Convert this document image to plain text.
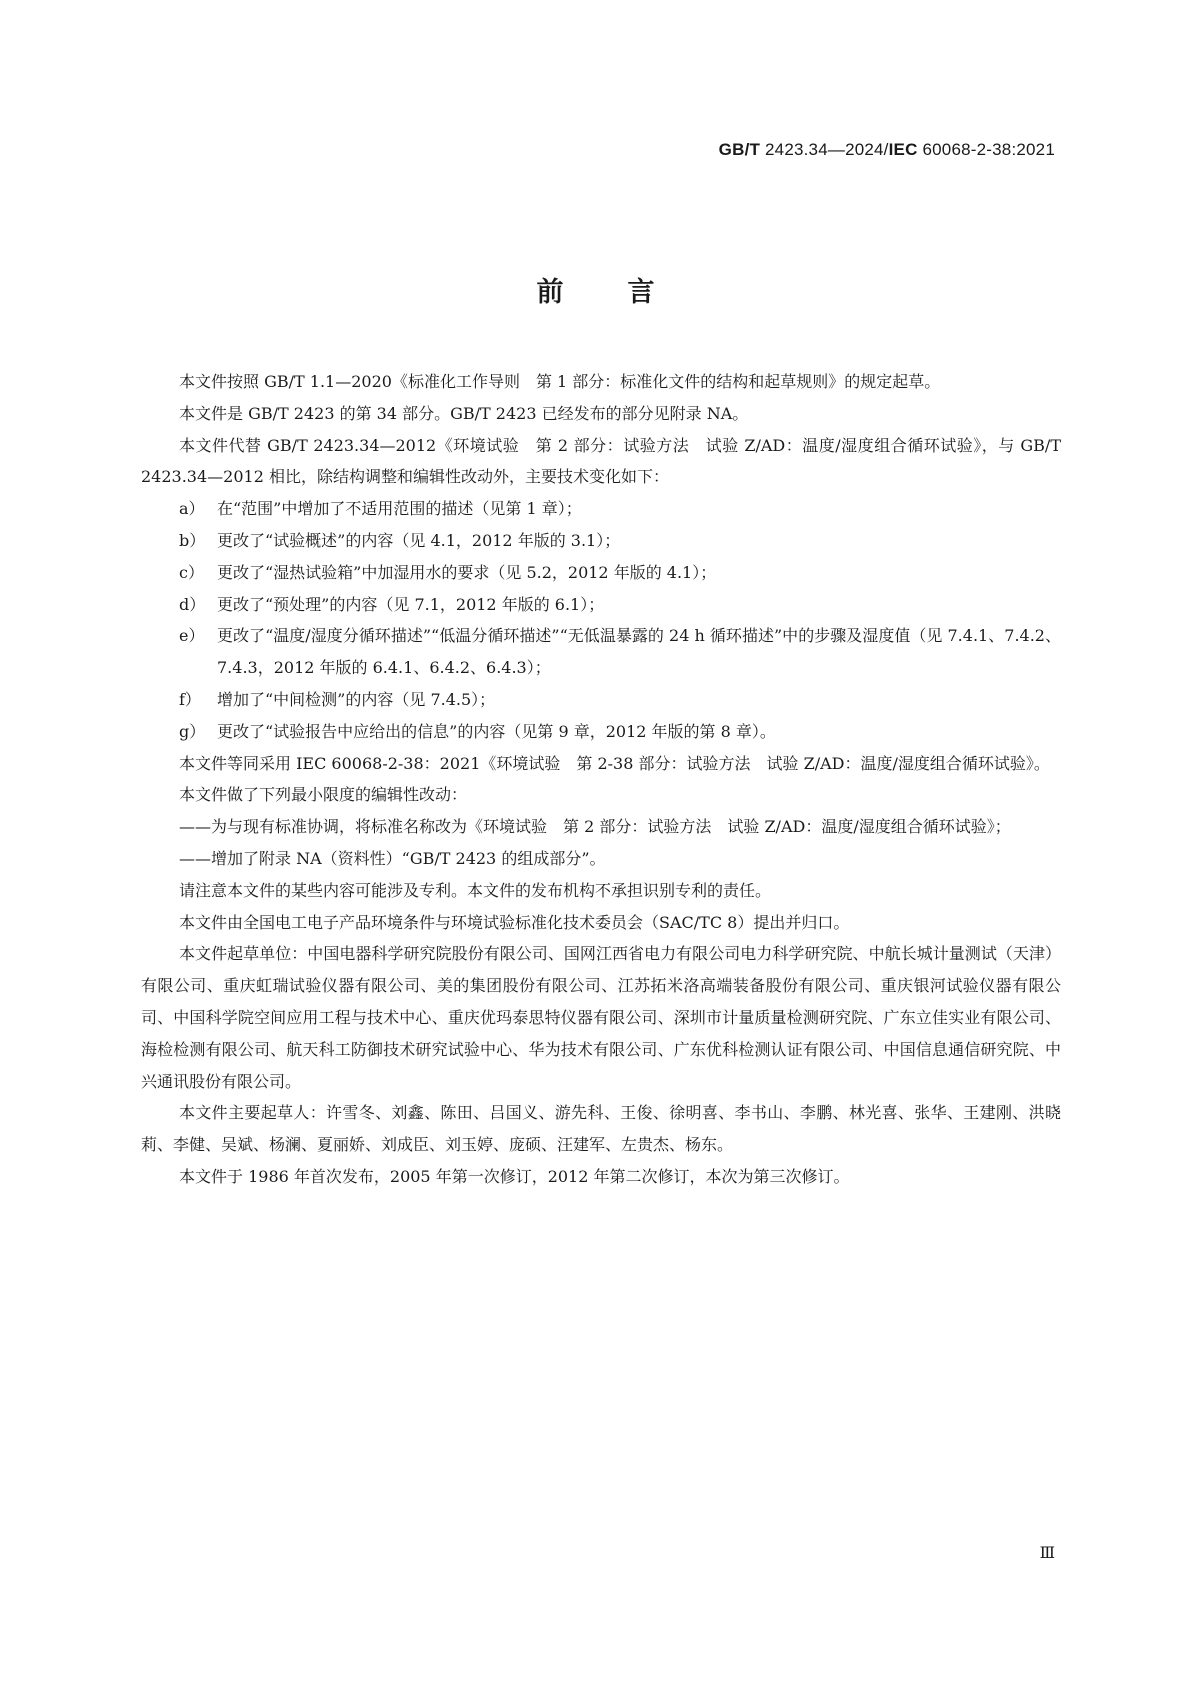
GB/T 2423.34—2024/IEC 60068-2-38:2021
前言

本文件按照 GB/T 1.1—2020《标准化工作导则　第 1 部分：标准化文件的结构和起草规则》的规定起草。

本文件是 GB/T 2423 的第 34 部分。GB/T 2423 已经发布的部分见附录 NA。

本文件代替 GB/T 2423.34—2012《环境试验　第 2 部分：试验方法　试验 Z/AD：温度/湿度组合循环试验》，与 GB/T 2423.34—2012 相比，除结构调整和编辑性改动外，主要技术变化如下：

a） 在“范围”中增加了不适用范围的描述（见第 1 章）；

b） 更改了“试验概述”的内容（见 4.1，2012 年版的 3.1）；

c） 更改了“湿热试验箱”中加湿用水的要求（见 5.2，2012 年版的 4.1）；

d） 更改了“预处理”的内容（见 7.1，2012 年版的 6.1）；

e） 更改了“温度/湿度分循环描述”“低温分循环描述”“无低温暴露的 24 h 循环描述”中的步骤及湿度值（见 7.4.1、7.4.2、7.4.3，2012 年版的 6.4.1、6.4.2、6.4.3）；

f） 增加了“中间检测”的内容（见 7.4.5）；

g） 更改了“试验报告中应给出的信息”的内容（见第 9 章，2012 年版的第 8 章）。

本文件等同采用 IEC 60068-2-38：2021《环境试验　第 2-38 部分：试验方法　试验 Z/AD：温度/湿度组合循环试验》。

本文件做了下列最小限度的编辑性改动：

——为与现有标准协调，将标准名称改为《环境试验　第 2 部分：试验方法　试验 Z/AD：温度/湿度组合循环试验》；

——增加了附录 NA（资料性）“GB/T 2423 的组成部分”。

请注意本文件的某些内容可能涉及专利。本文件的发布机构不承担识别专利的责任。

本文件由全国电工电子产品环境条件与环境试验标准化技术委员会（SAC/TC 8）提出并归口。

本文件起草单位：中国电器科学研究院股份有限公司、国网江西省电力有限公司电力科学研究院、中航长城计量测试（天津）有限公司、重庆虹瑞试验仪器有限公司、美的集团股份有限公司、江苏拓米洛高端装备股份有限公司、重庆银河试验仪器有限公司、中国科学院空间应用工程与技术中心、重庆优玛泰思特仪器有限公司、深圳市计量质量检测研究院、广东立佳实业有限公司、海检检测有限公司、航天科工防御技术研究试验中心、华为技术有限公司、广东优科检测认证有限公司、中国信息通信研究院、中兴通讯股份有限公司。

本文件主要起草人：许雪冬、刘鑫、陈田、吕国义、游先科、王俊、徐明喜、李书山、李鹏、林光喜、张华、王建刚、洪晓莉、李健、吴斌、杨澜、夏丽娇、刘成臣、刘玉婷、庞硕、汪建军、左贵杰、杨东。

本文件于 1986 年首次发布，2005 年第一次修订，2012 年第二次修订，本次为第三次修订。

Ⅲ
